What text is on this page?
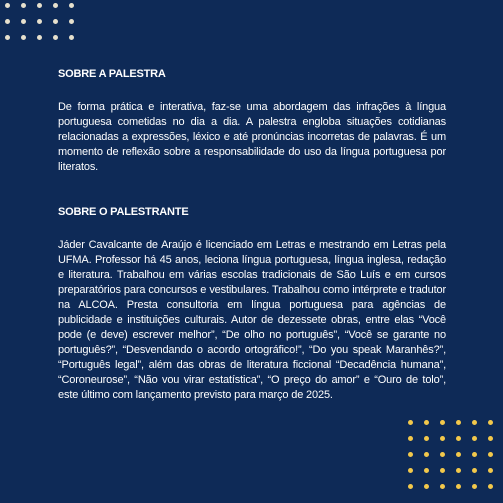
SOBRE A PALESTRA

De forma prática e interativa, faz-se uma abordagem das infrações à língua portuguesa cometidas no dia a dia. A palestra engloba situações cotidianas relacionadas a expressões, léxico e até pronúncias incorretas de palavras. É um momento de reflexão sobre a responsabilidade do uso da língua portuguesa por literatos.

SOBRE O PALESTRANTE

Jáder Cavalcante de Araújo é licenciado em Letras e mestrando em Letras pela UFMA. Professor há 45 anos, leciona língua portuguesa, língua inglesa, redação e literatura. Trabalhou em várias escolas tradicionais de São Luís e em cursos preparatórios para concursos e vestibulares. Trabalhou como intérprete e tradutor na ALCOA. Presta consultoria em língua portuguesa para agências de publicidade e instituições culturais. Autor de dezessete obras, entre elas “Você pode (e deve) escrever melhor”, “De olho no português”, “Você se garante no português?”, “Desvendando o acordo ortográfico!”, “Do you speak Maranhês?”, “Português legal”, além das obras de literatura ficcional “Decadência humana”, “Coroneurose”, “Não vou virar estatística”, “O preço do amor” e “Ouro de tolo”, este último com lançamento previsto para março de 2025.
